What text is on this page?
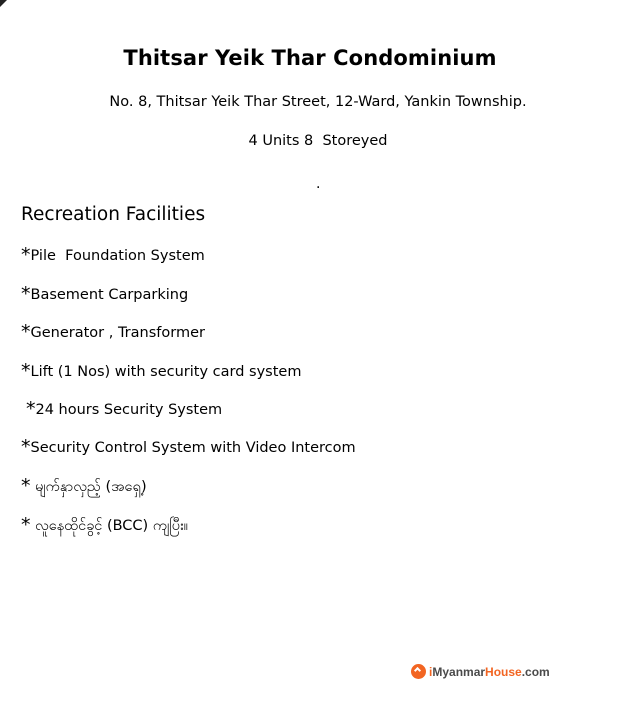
Thitsar Yeik Thar Condominium
No. 8, Thitsar Yeik Thar Street, 12-Ward, Yankin Township.
4 Units 8  Storeyed
.
Recreation Facilities
*Pile  Foundation System
*Basement Carparking
*Generator , Transformer
*Lift (1 Nos) with security card system
*24 hours Security System
*Security Control System with Video Intercom
* မျက်နှာလှည့် (အရှေ့)
* လူနေထိုင်ခွင့် (BCC) ကျပြီး။
iMyanmarHouse.com
